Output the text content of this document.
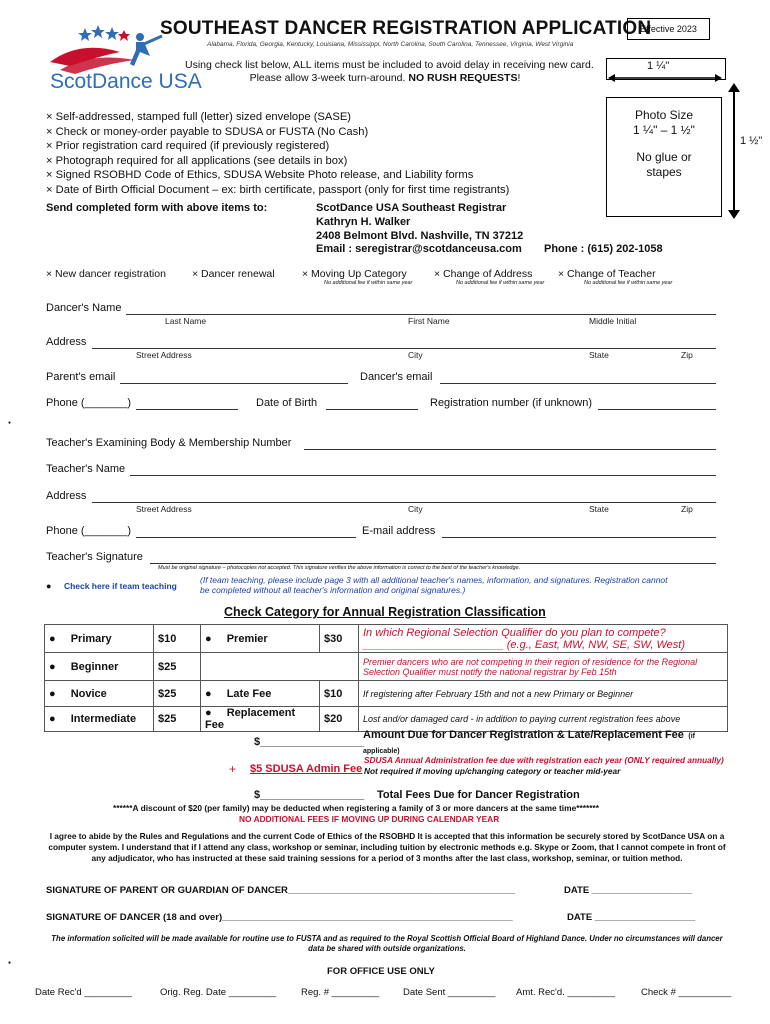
ScotDance USA
SOUTHEAST DANCER REGISTRATION APPLICATION
Alabama, Florida, Georgia, Kentucky, Louisiana, Mississippi, North Carolina, South Carolina, Tennessee, Virginia, West Virginia
Effective 2023
Using check list below, ALL items must be included to avoid delay in receiving new card.
Please allow 3-week turn-around. NO RUSH REQUESTS!
1 ¼"
× Self-addressed, stamped full (letter) sized envelope (SASE)
× Check or money-order payable to SDUSA or FUSTA (No Cash)
× Prior registration card required (if previously registered)
× Photograph required for all applications (see details in box)
× Signed RSOBHD Code of Ethics, SDUSA Website Photo release, and Liability forms
× Date of Birth Official Document – ex: birth certificate, passport (only for first time registrants)
Photo Size
1 ¼" – 1 ½"
No glue or
stapes
1 ½"
Send completed form with above items to:	ScotDance USA Southeast Registrar
Kathryn H. Walker
2408 Belmont Blvd. Nashville, TN 37212
Email : seregistrar@scotdanceusa.com Phone : (615) 202-1058
× New dancer registration × Dancer renewal	× Moving Up Category
No additional fee if within same year
× Change of Address
No additional fee if within same year
× Change of Teacher
No additional fee if within same year
Dancer's Name
Last Name	First Name	Middle Initial
Address
Street Address	City	State	Zip
Parent's email	Dancer's email
Phone (_______)	Date of Birth	Registration number (if unknown)
Teacher's Examining Body & Membership Number
Teacher's Name
Address
Street Address	City	State	Zip
Phone (_______)	E-mail address
Teacher's Signature
Must be original signature – photocopies not accepted. This signature verifies the above information is correct to the best of the teacher's knowledge.
● Check here if team teaching
(If team teaching, please include page 3 with all additional teacher's names, information, and signatures. Registration cannot
be completed without all teacher's information and original signatures.)
Check Category for Annual Registration Classification
● Primary	$10	● Premier	$30	In which Regional Selection Qualifier do you plan to compete?
_______________________ (e.g., East, MW, NW, SE, SW, West)

● Beginner	$25			Premier dancers who are not competing in their region of residence for the Regional Selection Qualifier must notify the national registrar by Feb 15th
● Novice	$25	● Late Fee	$10	If registering after February 15th and not a new Primary or Beginner
● Intermediate	$25	● Replacement Fee	$20	Lost and/or damaged card - in addition to paying current registration fees above
$_________________
Amount Due for Dancer Registration & Late/Replacement Fee (if applicable)
+ $5 SDUSA Admin Fee
SDUSA Annual Administration fee due with registration each year (ONLY required annually) Not required if moving up/changing category or teacher mid-year
$_________________ Total Fees Due for Dancer Registration
******A discount of $20 (per family) may be deducted when registering a family of 3 or more dancers at the same time*******
NO ADDITIONAL FEES IF MOVING UP DURING CALENDAR YEAR
I agree to abide by the Rules and Regulations and the current Code of Ethics of the RSOBHD It is accepted that this information be securely stored by ScotDance USA on a computer system. I understand that if I attend any class, workshop or seminar, including tuition by electronic methods e.g. Skype or Zoom, that I cannot compete in front of any adjudicator, who has instructed at these said training sessions for a period of 3 months after the last class, workshop, seminar, or tuition method.
SIGNATURE OF PARENT OR GUARDIAN OF DANCER___________________________________________	DATE ___________________
SIGNATURE OF DANCER (18 and over)_______________________________________________________	DATE ___________________
The information solicited will be made available for routine use to FUSTA and as required to the Royal Scottish Official Board of Highland Dance. Under no circumstances will dancer data be shared with outside organizations.
FOR OFFICE USE ONLY
Date Rec'd _________	Orig. Reg. Date _________	Reg. # _________	Date Sent _________ Amt. Rec'd. _________	Check # __________
●
●
